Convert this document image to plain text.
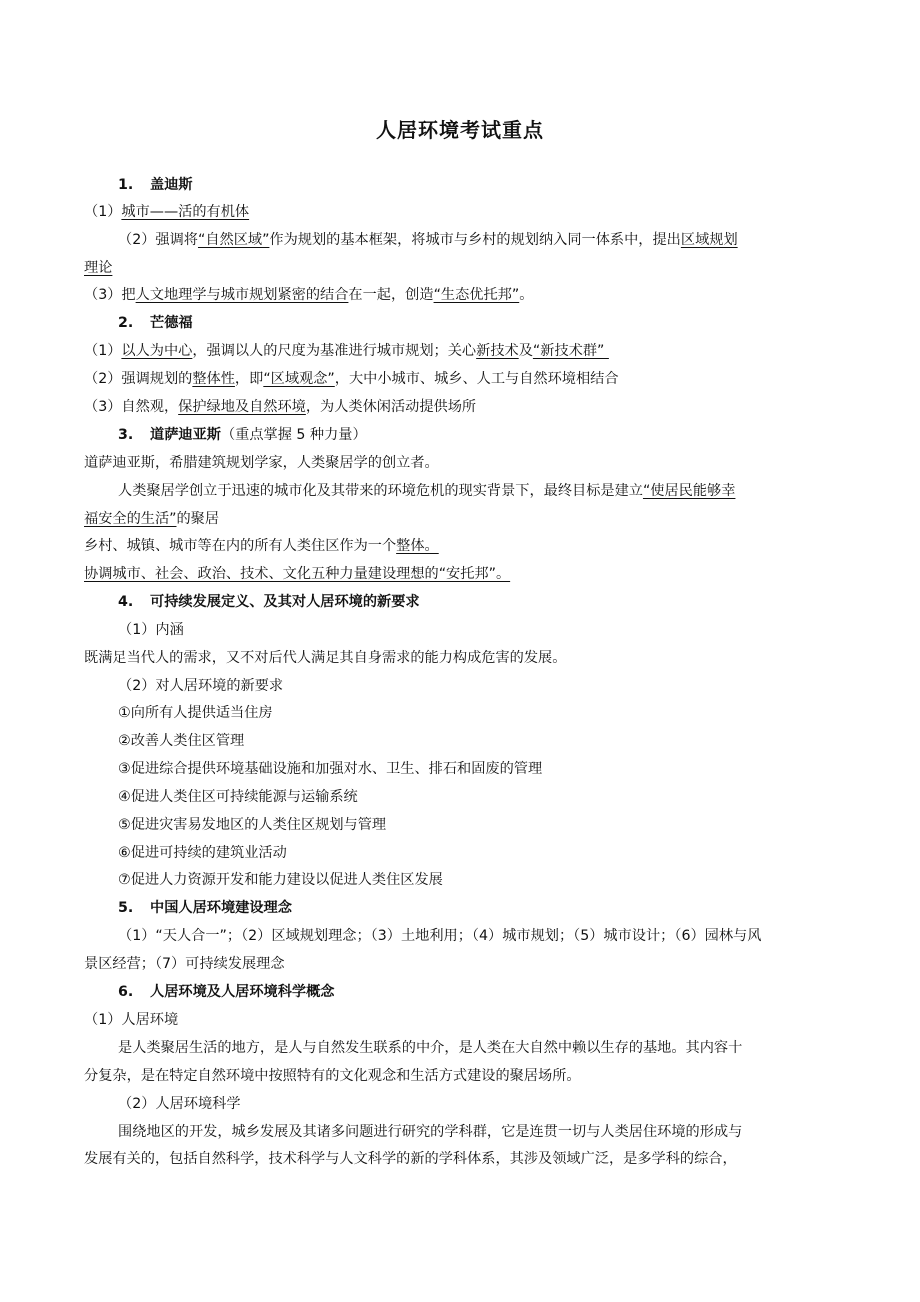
人居环境考试重点
1. 盖迪斯
（1）城市——活的有机体
（2）强调将“自然区域”作为规划的基本框架，将城市与乡村的规划纳入同一体系中，提出区域规划
理论
（3）把人文地理学与城市规划紧密的结合在一起，创造“生态优托邦”。
2. 芒德福
（1）以人为中心，强调以人的尺度为基准进行城市规划；关心新技术及“新技术群”
（2）强调规划的整体性，即“区域观念”，大中小城市、城乡、人工与自然环境相结合
（3）自然观，保护绿地及自然环境，为人类休闲活动提供场所
3. 道萨迪亚斯（重点掌握 5 种力量）
道萨迪亚斯，希腊建筑规划学家，人类聚居学的创立者。
人类聚居学创立于迅速的城市化及其带来的环境危机的现实背景下，最终目标是建立“使居民能够幸
福安全的生活”的聚居
乡村、城镇、城市等在内的所有人类住区作为一个整体。
协调城市、社会、政治、技术、文化五种力量建设理想的“安托邦”。
4. 可持续发展定义、及其对人居环境的新要求
（1）内涵
既满足当代人的需求，又不对后代人满足其自身需求的能力构成危害的发展。
（2）对人居环境的新要求
①向所有人提供适当住房
②改善人类住区管理
③促进综合提供环境基础设施和加强对水、卫生、排石和固废的管理
④促进人类住区可持续能源与运输系统
⑤促进灾害易发地区的人类住区规划与管理
⑥促进可持续的建筑业活动
⑦促进人力资源开发和能力建设以促进人类住区发展
5. 中国人居环境建设理念
（1）“天人合一”；（2）区域规划理念；（3）土地利用；（4）城市规划；（5）城市设计；（6）园林与风
景区经营；（7）可持续发展理念
6. 人居环境及人居环境科学概念
（1）人居环境
是人类聚居生活的地方，是人与自然发生联系的中介，是人类在大自然中赖以生存的基地。其内容十
分复杂，是在特定自然环境中按照特有的文化观念和生活方式建设的聚居场所。
（2）人居环境科学
围绕地区的开发，城乡发展及其诸多问题进行研究的学科群，它是连贯一切与人类居住环境的形成与
发展有关的，包括自然科学，技术科学与人文科学的新的学科体系，其涉及领域广泛，是多学科的综合，
